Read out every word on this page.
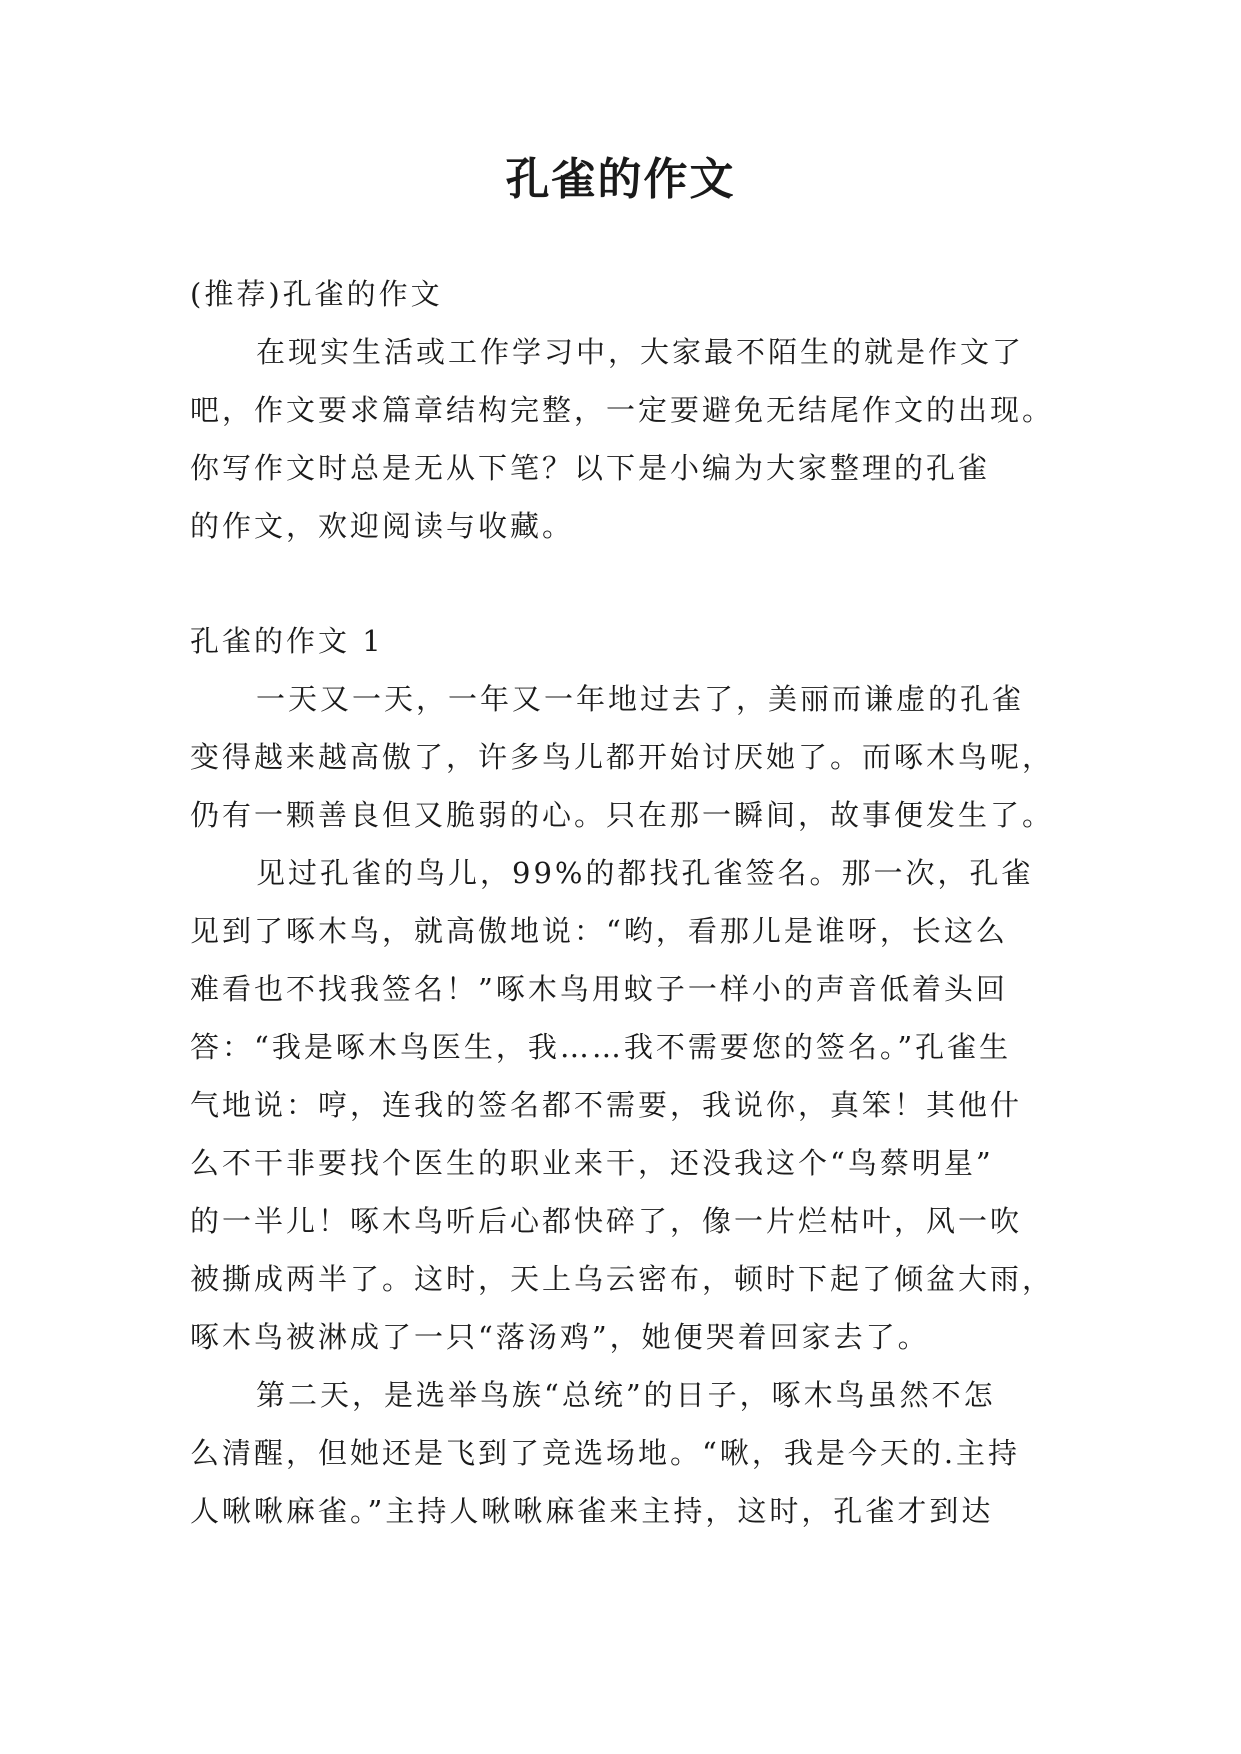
孔雀的作文
(推荐)孔雀的作文
在现实生活或工作学习中，大家最不陌生的就是作文了
吧，作文要求篇章结构完整，一定要避免无结尾作文的出现。
你写作文时总是无从下笔？以下是小编为大家整理的孔雀
的作文，欢迎阅读与收藏。
孔雀的作文 1
一天又一天，一年又一年地过去了，美丽而谦虚的孔雀
变得越来越高傲了，许多鸟儿都开始讨厌她了。而啄木鸟呢，
仍有一颗善良但又脆弱的心。只在那一瞬间，故事便发生了。
见过孔雀的鸟儿，99%的都找孔雀签名。那一次，孔雀
见到了啄木鸟，就高傲地说：“哟，看那儿是谁呀，长这么
难看也不找我签名！”啄木鸟用蚊子一样小的声音低着头回
答：“我是啄木鸟医生，我……我不需要您的签名。”孔雀生
气地说：哼，连我的签名都不需要，我说你，真笨！其他什
么不干非要找个医生的职业来干，还没我这个“鸟蔡明星”
的一半儿！啄木鸟听后心都快碎了，像一片烂枯叶，风一吹
被撕成两半了。这时，天上乌云密布，顿时下起了倾盆大雨，
啄木鸟被淋成了一只“落汤鸡”，她便哭着回家去了。
第二天，是选举鸟族“总统”的日子，啄木鸟虽然不怎
么清醒，但她还是飞到了竞选场地。“啾，我是今天的.主持
人啾啾麻雀。”主持人啾啾麻雀来主持，这时，孔雀才到达
